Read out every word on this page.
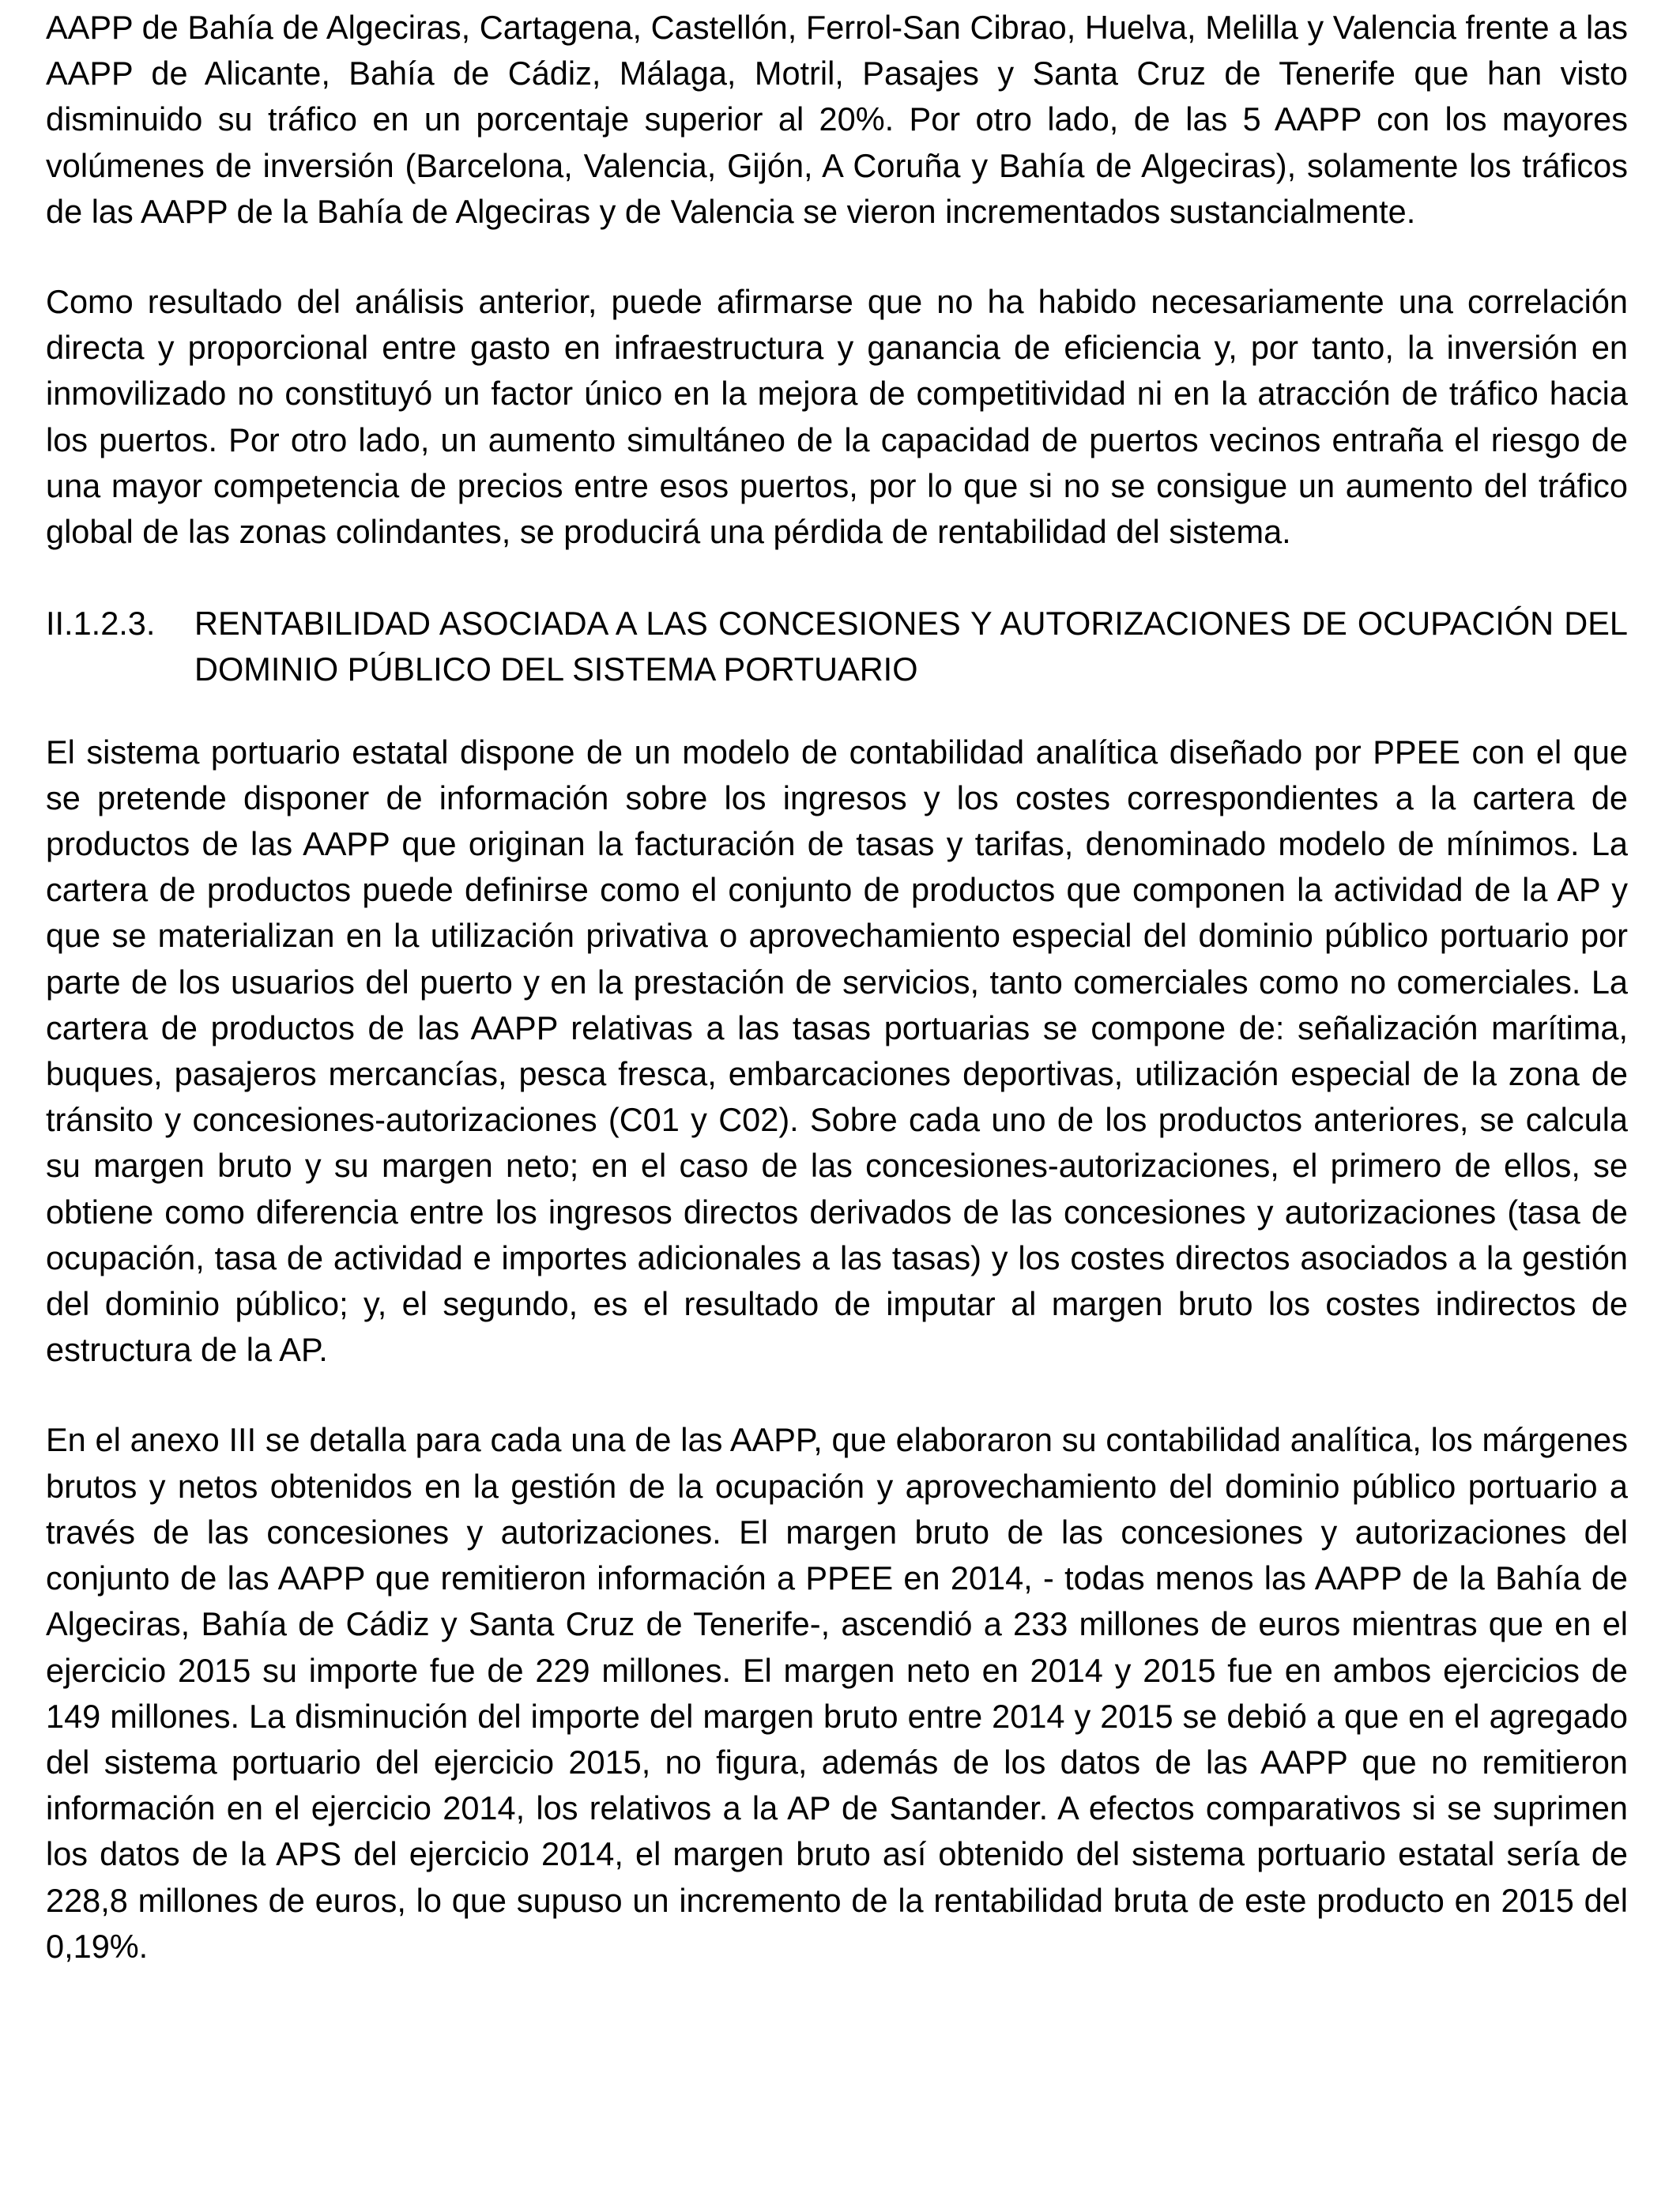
AAPP de Bahía de Algeciras, Cartagena, Castellón, Ferrol-San Cibrao, Huelva, Melilla y Valencia frente a las AAPP de Alicante, Bahía de Cádiz, Málaga, Motril, Pasajes y Santa Cruz de Tenerife que han visto disminuido su tráfico en un porcentaje superior al 20%. Por otro lado, de las 5 AAPP con los mayores volúmenes de inversión (Barcelona, Valencia, Gijón, A Coruña y Bahía de Algeciras), solamente los tráficos de las AAPP de la Bahía de Algeciras y de Valencia se vieron incrementados sustancialmente.

Como resultado del análisis anterior, puede afirmarse que no ha habido necesariamente una correlación directa y proporcional entre gasto en infraestructura y ganancia de eficiencia y, por tanto, la inversión en inmovilizado no constituyó un factor único en la mejora de competitividad ni en la atracción de tráfico hacia los puertos. Por otro lado, un aumento simultáneo de la capacidad de puertos vecinos entraña el riesgo de una mayor competencia de precios entre esos puertos, por lo que si no se consigue un aumento del tráfico global de las zonas colindantes, se producirá una pérdida de rentabilidad del sistema.

II.1.2.3.	RENTABILIDAD ASOCIADA A LAS CONCESIONES Y AUTORIZACIONES DE OCUPACIÓN DEL DOMINIO PÚBLICO DEL SISTEMA PORTUARIO

El sistema portuario estatal dispone de un modelo de contabilidad analítica diseñado por PPEE con el que se pretende disponer de información sobre los ingresos y los costes correspondientes a la cartera de productos de las AAPP que originan la facturación de tasas y tarifas, denominado modelo de mínimos. La cartera de productos puede definirse como el conjunto de productos que componen la actividad de la AP y que se materializan en la utilización privativa o aprovechamiento especial del dominio público portuario por parte de los usuarios del puerto y en la prestación de servicios, tanto comerciales como no comerciales. La cartera de productos de las AAPP relativas a las tasas portuarias se compone de: señalización marítima, buques, pasajeros mercancías, pesca fresca, embarcaciones deportivas, utilización especial de la zona de tránsito y concesiones-autorizaciones (C01 y C02). Sobre cada uno de los productos anteriores, se calcula su margen bruto y su margen neto; en el caso de las concesiones-autorizaciones, el primero de ellos, se obtiene como diferencia entre los ingresos directos derivados de las concesiones y autorizaciones (tasa de ocupación, tasa de actividad e importes adicionales a las tasas) y los costes directos asociados a la gestión del dominio público; y, el segundo, es el resultado de imputar al margen bruto los costes indirectos de estructura de la AP.

En el anexo III se detalla para cada una de las AAPP, que elaboraron su contabilidad analítica, los márgenes brutos y netos obtenidos en la gestión de la ocupación y aprovechamiento del dominio público portuario a través de las concesiones y autorizaciones. El margen bruto de las concesiones y autorizaciones del conjunto de las AAPP que remitieron información a PPEE en 2014, - todas menos las AAPP de la Bahía de Algeciras, Bahía de Cádiz y Santa Cruz de Tenerife-, ascendió a 233 millones de euros mientras que en el ejercicio 2015 su importe fue de 229 millones. El margen neto en 2014 y 2015 fue en ambos ejercicios de 149 millones. La disminución del importe del margen bruto entre 2014 y 2015 se debió a que en el agregado del sistema portuario del ejercicio 2015, no figura, además de los datos de las AAPP que no remitieron información en el ejercicio 2014, los relativos a la AP de Santander. A efectos comparativos si se suprimen los datos de la APS del ejercicio 2014, el margen bruto así obtenido del sistema portuario estatal sería de 228,8 millones de euros, lo que supuso un incremento de la rentabilidad bruta de este producto en 2015 del 0,19%.
